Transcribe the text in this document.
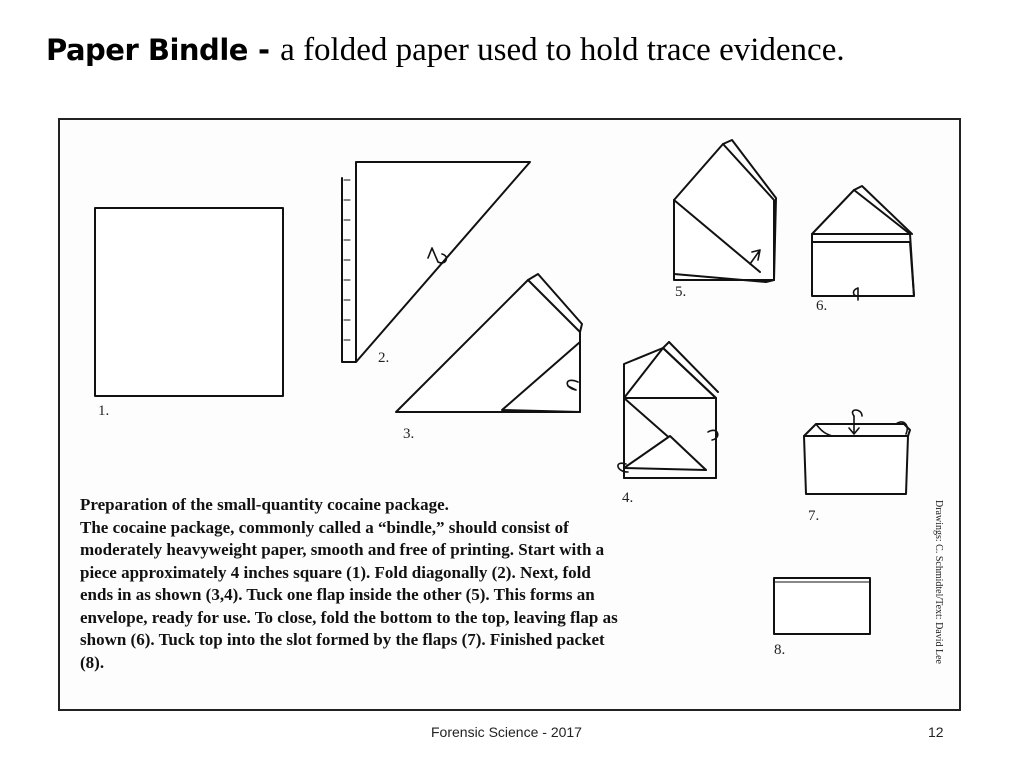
Paper Bindle - a folded paper used to hold trace evidence.
1.
2.
3.
4.
5.
6.
7.
8.
Preparation of the small-quantity cocaine package.
The cocaine package, commonly called a “bindle,” should consist of moderately heavyweight paper, smooth and free of printing. Start with a piece approximately 4 inches square (1). Fold diagonally (2). Next, fold ends in as shown (3,4). Tuck one flap inside the other (5). This forms an envelope, ready for use. To close, fold the bottom to the top, leaving flap as shown (6). Tuck top into the slot formed by the flaps (7). Finished packet (8).	Drawings: C. Schmidtel/Text: David Lee
Forensic Science - 2017	12
